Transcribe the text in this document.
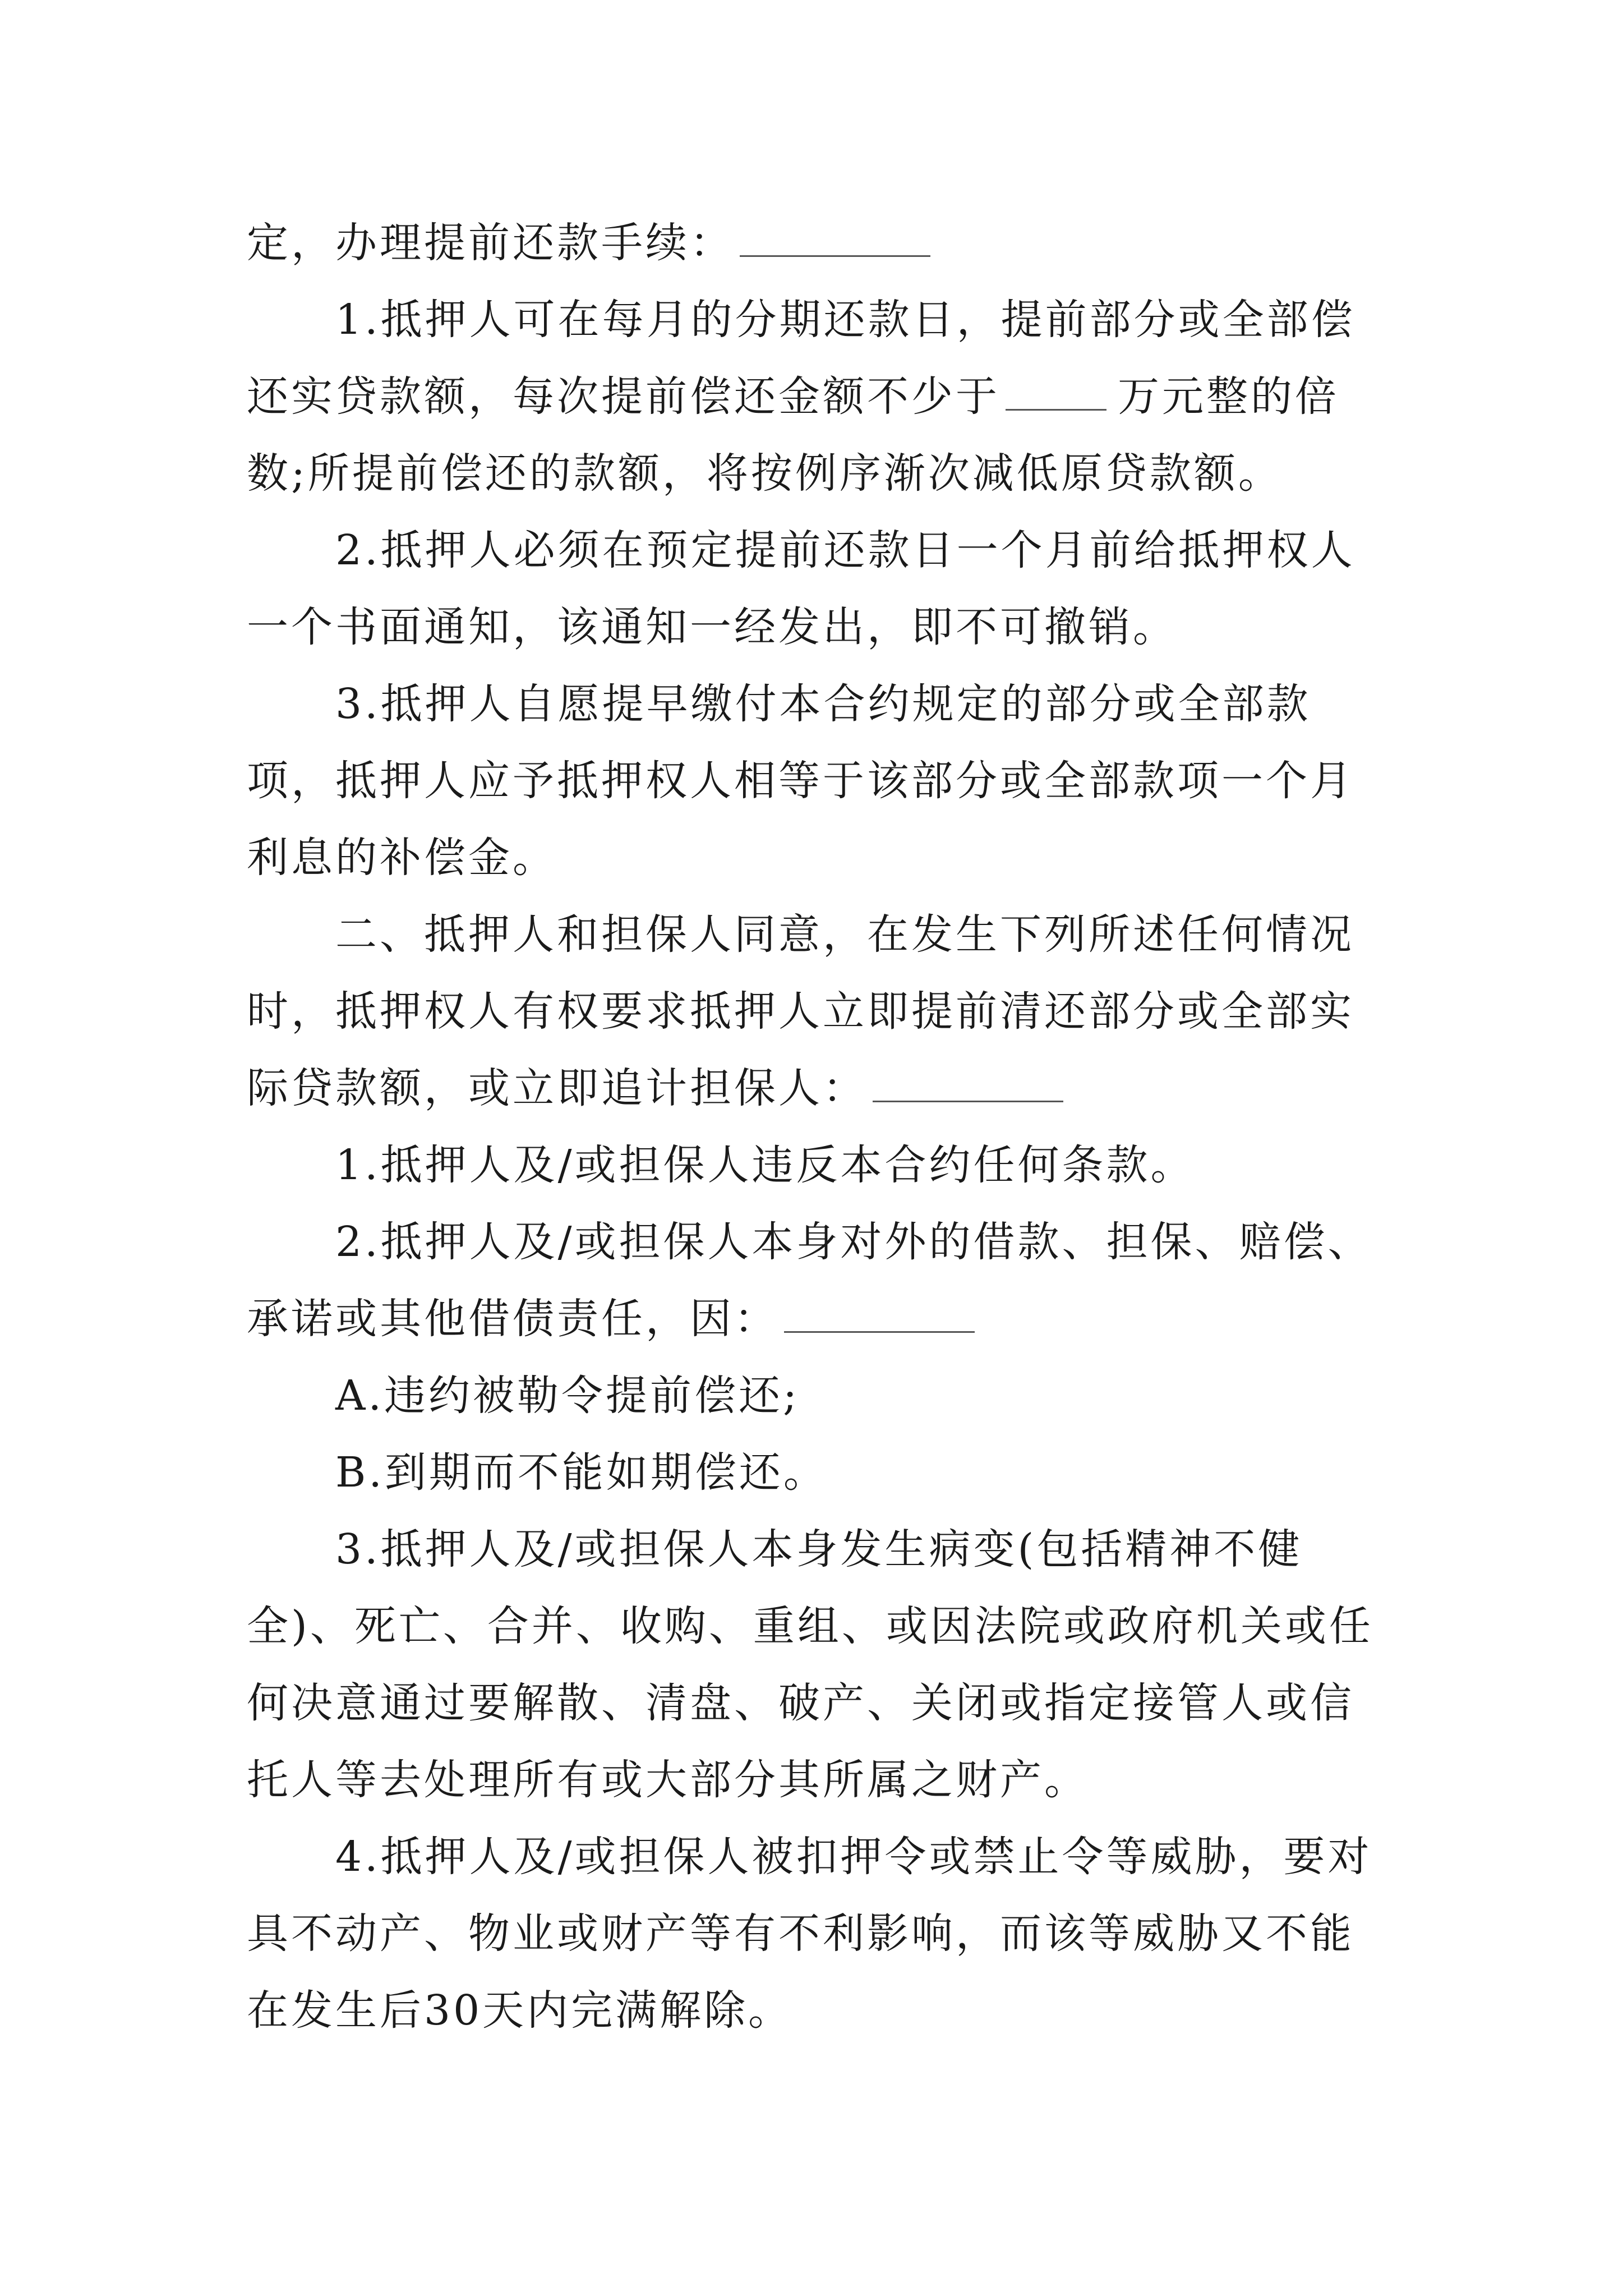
定，办理提前还款手续：

1.抵押人可在每月的分期还款日，提前部分或全部偿还实贷款额，每次提前偿还金额不少于	万元整的倍数;所提前偿还的款额，将按例序渐次减低原贷款额。

2.抵押人必须在预定提前还款日一个月前给抵押权人一个书面通知，该通知一经发出，即不可撤销。

3.抵押人自愿提早缴付本合约规定的部分或全部款项，抵押人应予抵押权人相等于该部分或全部款项一个月利息的补偿金。

二、抵押人和担保人同意，在发生下列所述任何情况时，抵押权人有权要求抵押人立即提前清还部分或全部实际贷款额，或立即追计担保人：

1.抵押人及/或担保人违反本合约任何条款。

2.抵押人及/或担保人本身对外的借款、担保、赔偿、承诺或其他借债责任，因：

A.违约被勒令提前偿还;

B.到期而不能如期偿还。

3.抵押人及/或担保人本身发生病变(包括精神不健全)、死亡、合并、收购、重组、或因法院或政府机关或任何决意通过要解散、清盘、破产、关闭或指定接管人或信托人等去处理所有或大部分其所属之财产。

4.抵押人及/或担保人被扣押令或禁止令等威胁，要对具不动产、物业或财产等有不利影响，而该等威胁又不能在发生后30天内完满解除。
